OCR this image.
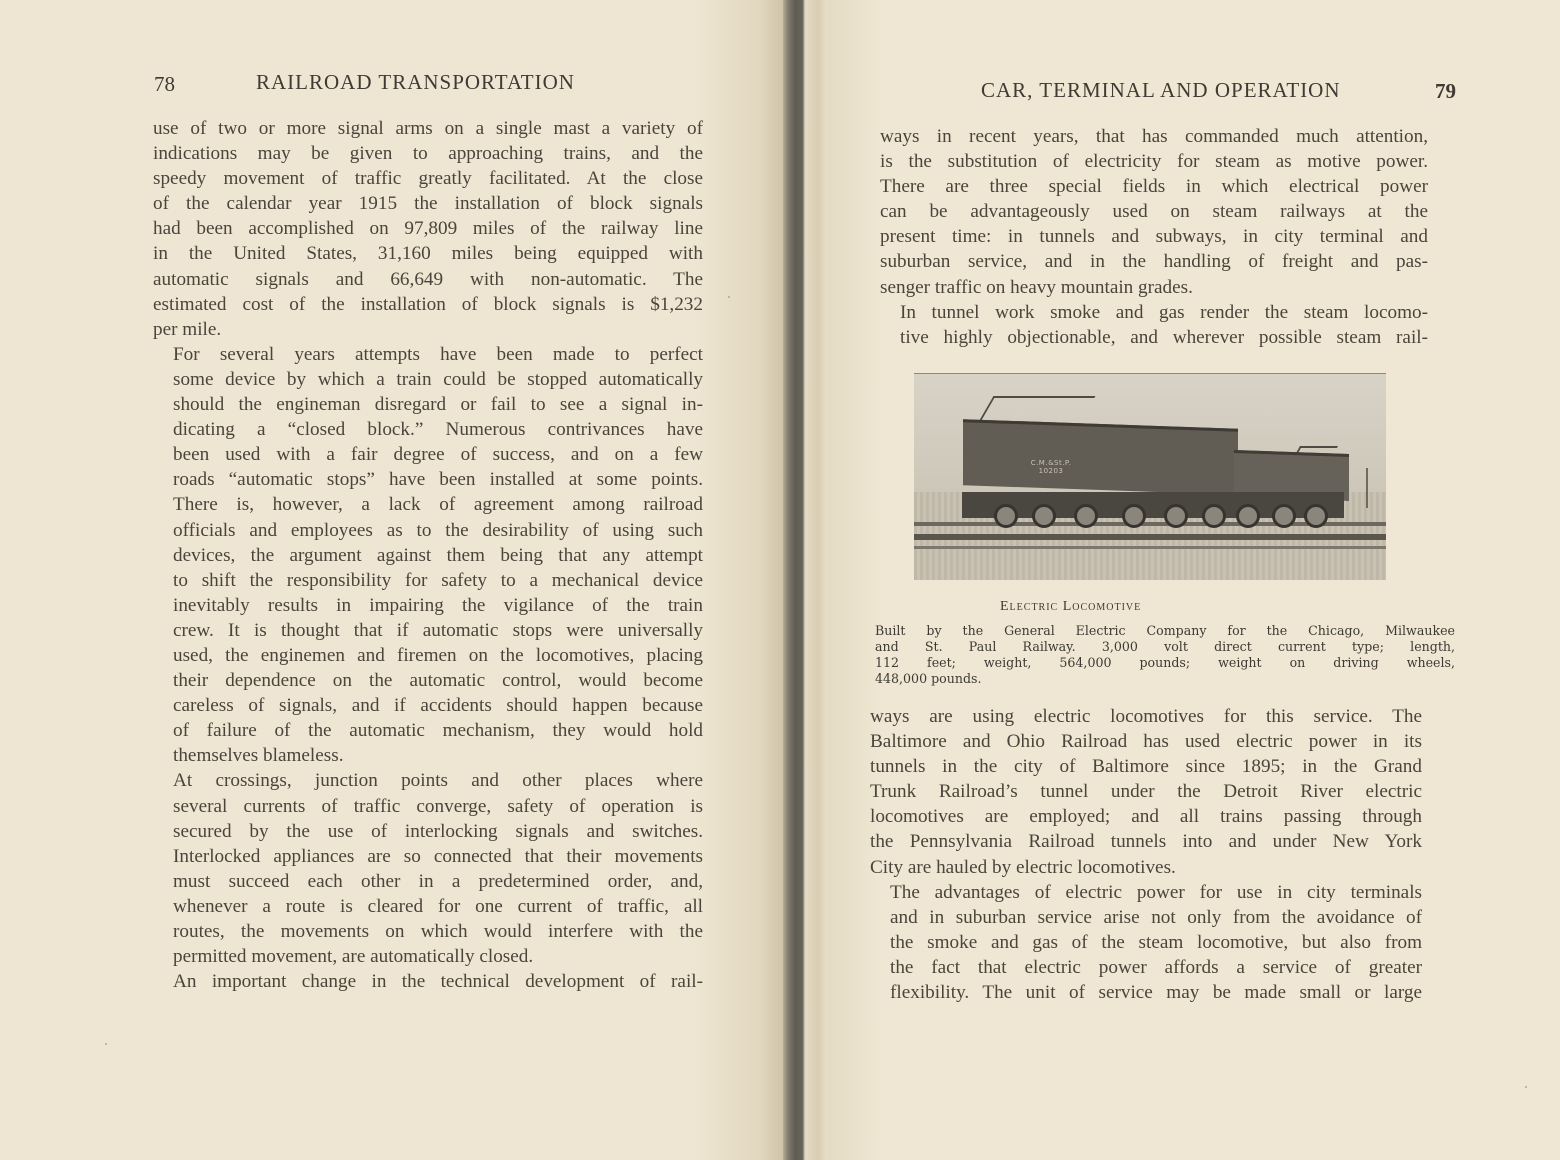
78	RAILROAD TRANSPORTATION

use of two or more signal arms on a single mast a variety of
indications may be given to approaching trains, and the
speedy movement of traffic greatly facilitated. At the close
of the calendar year 1915 the installation of block signals
had been accomplished on 97,809 miles of the railway line
in the United States, 31,160 miles being equipped with
automatic signals and 66,649 with non-automatic. The
estimated cost of the installation of block signals is $1,232
per mile.

For several years attempts have been made to perfect
some device by which a train could be stopped automatically
should the engineman disregard or fail to see a signal in-
dicating a “closed block.” Numerous contrivances have
been used with a fair degree of success, and on a few
roads “automatic stops” have been installed at some points.
There is, however, a lack of agreement among railroad
officials and employees as to the desirability of using such
devices, the argument against them being that any attempt
to shift the responsibility for safety to a mechanical device
inevitably results in impairing the vigilance of the train
crew. It is thought that if automatic stops were universally
used, the enginemen and firemen on the locomotives, placing
their dependence on the automatic control, would become
careless of signals, and if accidents should happen because
of failure of the automatic mechanism, they would hold
themselves blameless.

At crossings, junction points and other places where
several currents of traffic converge, safety of operation is
secured by the use of interlocking signals and switches.
Interlocked appliances are so connected that their movements
must succeed each other in a predetermined order, and,
whenever a route is cleared for one current of traffic, all
routes, the movements on which would interfere with the
permitted movement, are automatically closed.

An important change in the technical development of rail-

CAR, TERMINAL AND OPERATION	79

ways in recent years, that has commanded much attention,
is the substitution of electricity for steam as motive power.
There are three special fields in which electrical power
can be advantageously used on steam railways at the
present time: in tunnels and subways, in city terminal and
suburban service, and in the handling of freight and pas-
senger traffic on heavy mountain grades.

In tunnel work smoke and gas render the steam locomo-
tive highly objectionable, and wherever possible steam rail-

C.M.&St.P.
10203
Electric Locomotive
Built by the General Electric Company for the Chicago, Milwaukee
and St. Paul Railway. 3,000 volt direct current type; length,
112 feet; weight, 564,000 pounds; weight on driving wheels,
448,000 pounds.

ways are using electric locomotives for this service. The
Baltimore and Ohio Railroad has used electric power in its
tunnels in the city of Baltimore since 1895; in the Grand
Trunk Railroad’s tunnel under the Detroit River electric
locomotives are employed; and all trains passing through
the Pennsylvania Railroad tunnels into and under New York
City are hauled by electric locomotives.

The advantages of electric power for use in city terminals
and in suburban service arise not only from the avoidance of
the smoke and gas of the steam locomotive, but also from
the fact that electric power affords a service of greater
flexibility. The unit of service may be made small or large
